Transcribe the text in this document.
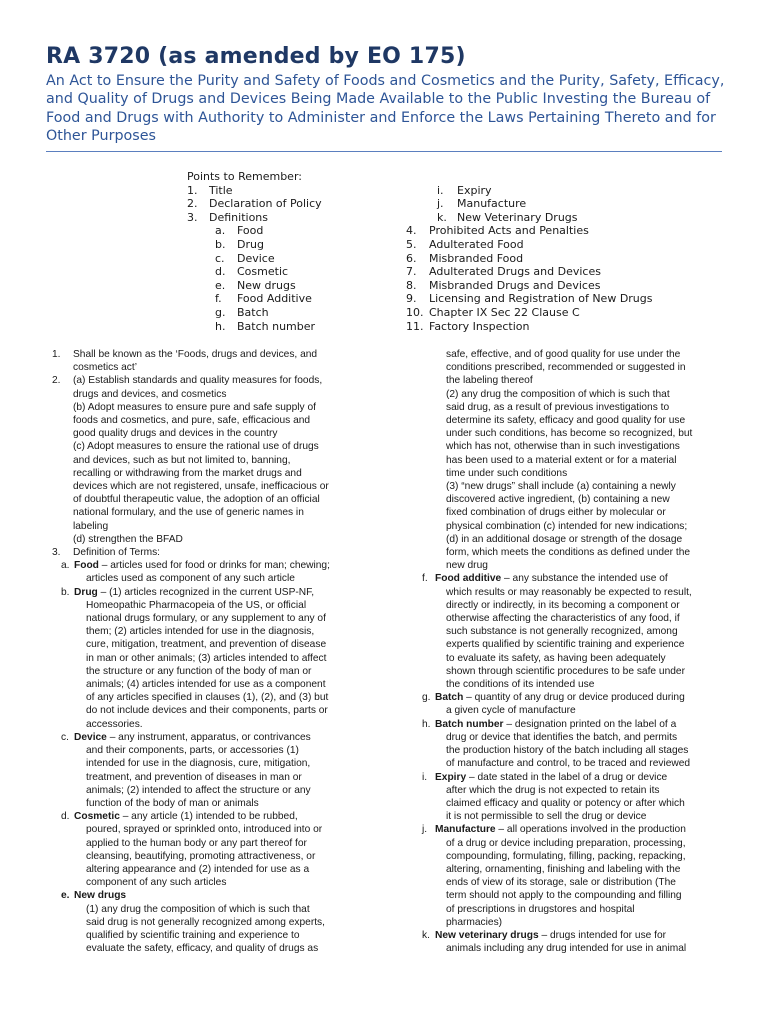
RA 3720 (as amended by EO 175)

An Act to Ensure the Purity and Safety of Foods and Cosmetics and the Purity, Safety, Efficacy, and Quality of Drugs and Devices Being Made Available to the Public Investing the Bureau of Food and Drugs with Authority to Administer and Enforce the Laws Pertaining Thereto and for Other Purposes

Points to Remember:
1. Title
2. Declaration of Policy
3. Definitions
a. Food
b. Drug
c. Device
d. Cosmetic
e. New drugs
f. Food Additive
g. Batch
h. Batch number
i. Expiry
j. Manufacture
k. New Veterinary Drugs
4. Prohibited Acts and Penalties
5. Adulterated Food
6. Misbranded Food
7. Adulterated Drugs and Devices
8. Misbranded Drugs and Devices
9. Licensing and Registration of New Drugs
10. Chapter IX Sec 22 Clause C
11. Factory Inspection
1. Shall be known as the ‘Foods, drugs and devices, and
cosmetics act’
2. (a) Establish standards and quality measures for foods,
drugs and devices, and cosmetics
(b) Adopt measures to ensure pure and safe supply of
foods and cosmetics, and pure, safe, efficacious and
good quality drugs and devices in the country
(c) Adopt measures to ensure the rational use of drugs
and devices, such as but not limited to, banning,
recalling or withdrawing from the market drugs and
devices which are not registered, unsafe, inefficacious or
of doubtful therapeutic value, the adoption of an official
national formulary, and the use of generic names in
labeling
(d) strengthen the BFAD
3. Definition of Terms:
a. Food – articles used for food or drinks for man; chewing;
articles used as component of any such article
b. Drug – (1) articles recognized in the current USP-NF,
Homeopathic Pharmacopeia of the US, or official
national drugs formulary, or any supplement to any of
them; (2) articles intended for use in the diagnosis,
cure, mitigation, treatment, and prevention of disease
in man or other animals; (3) articles intended to affect
the structure or any function of the body of man or
animals; (4) articles intended for use as a component
of any articles specified in clauses (1), (2), and (3) but
do not include devices and their components, parts or
accessories.
c. Device – any instrument, apparatus, or contrivances
and their components, parts, or accessories (1)
intended for use in the diagnosis, cure, mitigation,
treatment, and prevention of diseases in man or
animals; (2) intended to affect the structure or any
function of the body of man or animals
d. Cosmetic – any article (1) intended to be rubbed,
poured, sprayed or sprinkled onto, introduced into or
applied to the human body or any part thereof for
cleansing, beautifying, promoting attractiveness, or
altering appearance and (2) intended for use as a
component of any such articles
e. New drugs
(1) any drug the composition of which is such that
said drug is not generally recognized among experts,
qualified by scientific training and experience to
evaluate the safety, efficacy, and quality of drugs as
safe, effective, and of good quality for use under the
conditions prescribed, recommended or suggested in
the labeling thereof
(2) any drug the composition of which is such that
said drug, as a result of previous investigations to
determine its safety, efficacy and good quality for use
under such conditions, has become so recognized, but
which has not, otherwise than in such investigations
has been used to a material extent or for a material
time under such conditions
(3) “new drugs” shall include (a) containing a newly
discovered active ingredient, (b) containing a new
fixed combination of drugs either by molecular or
physical combination (c) intended for new indications;
(d) in an additional dosage or strength of the dosage
form, which meets the conditions as defined under the
new drug
f. Food additive – any substance the intended use of
which results or may reasonably be expected to result,
directly or indirectly, in its becoming a component or
otherwise affecting the characteristics of any food, if
such substance is not generally recognized, among
experts qualified by scientific training and experience
to evaluate its safety, as having been adequately
shown through scientific procedures to be safe under
the conditions of its intended use
g. Batch – quantity of any drug or device produced during
a given cycle of manufacture
h. Batch number – designation printed on the label of a
drug or device that identifies the batch, and permits
the production history of the batch including all stages
of manufacture and control, to be traced and reviewed
i. Expiry – date stated in the label of a drug or device
after which the drug is not expected to retain its
claimed efficacy and quality or potency or after which
it is not permissible to sell the drug or device
j. Manufacture – all operations involved in the production
of a drug or device including preparation, processing,
compounding, formulating, filling, packing, repacking,
altering, ornamenting, finishing and labeling with the
ends of view of its storage, sale or distribution (The
term should not apply to the compounding and filling
of prescriptions in drugstores and hospital
pharmacies)
k. New veterinary drugs – drugs intended for use for
animals including any drug intended for use in animal
